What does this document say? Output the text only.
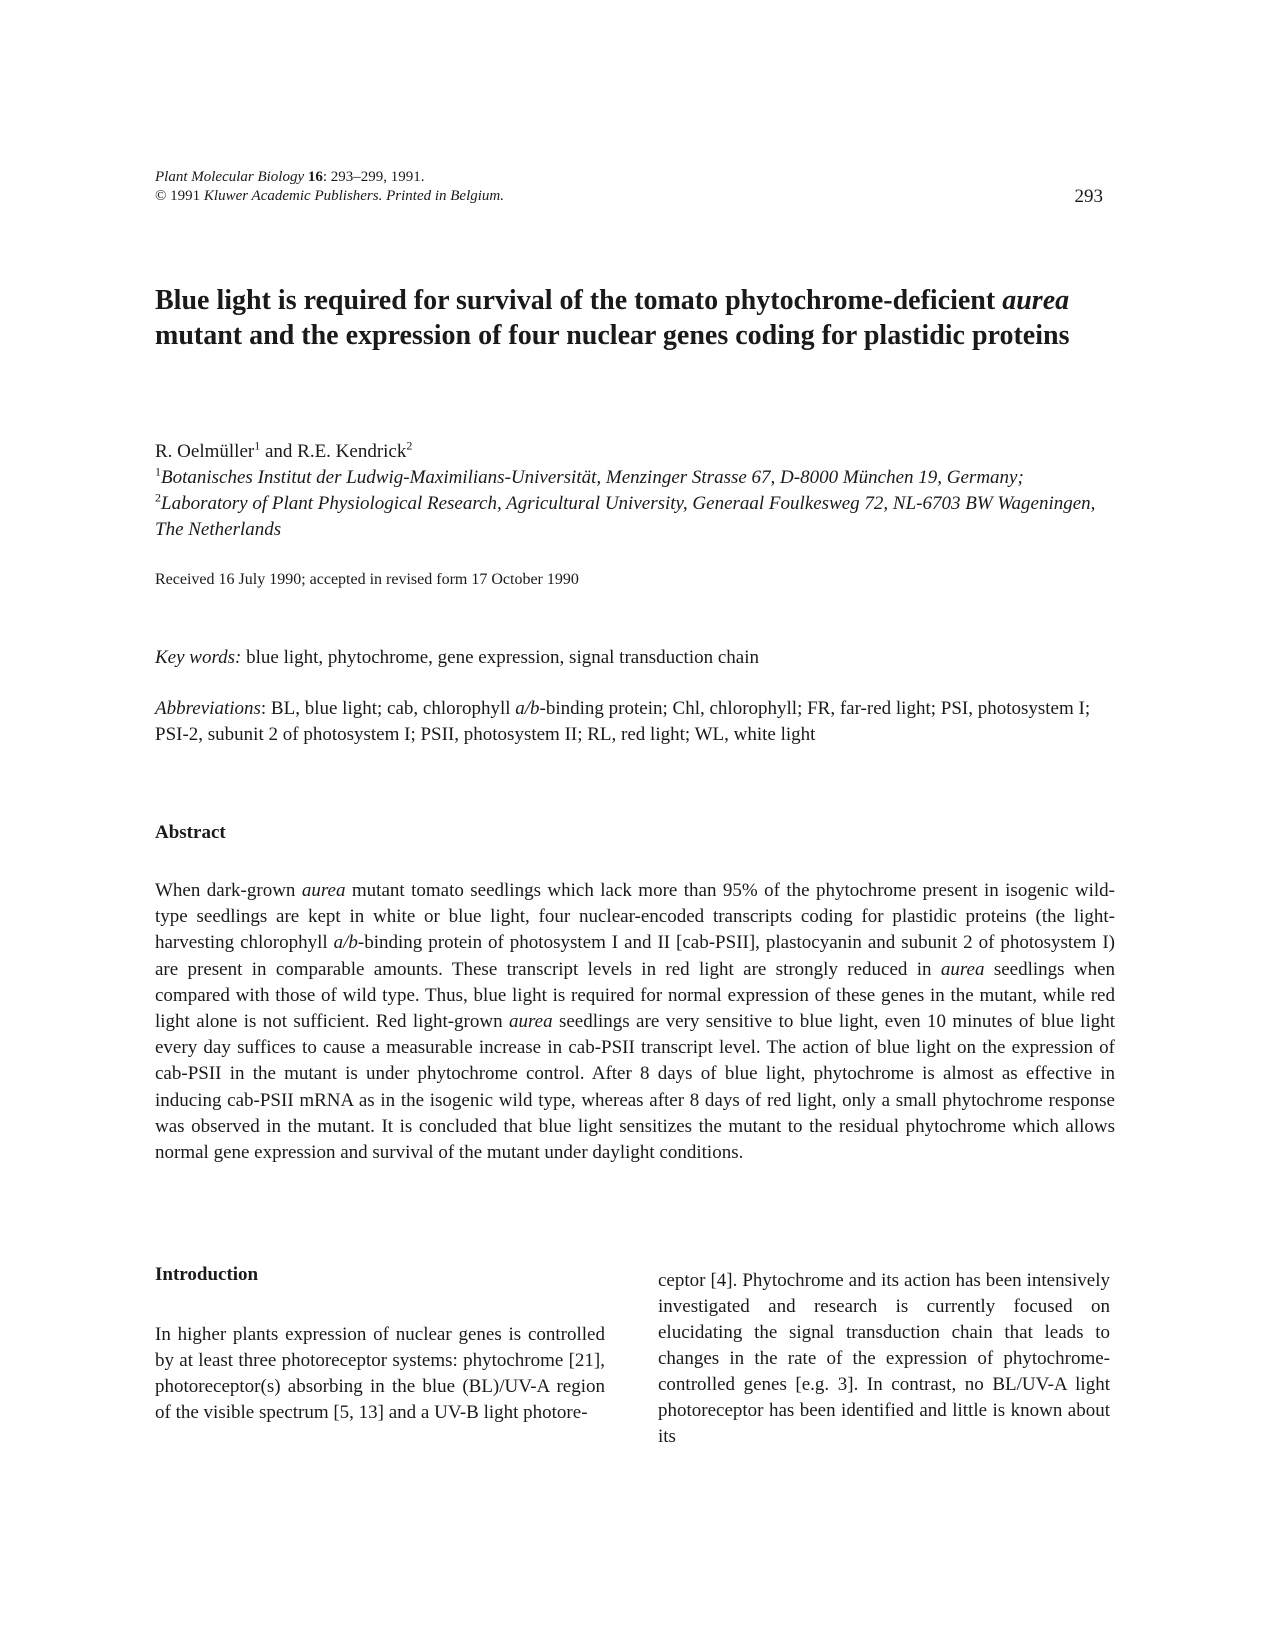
Plant Molecular Biology 16: 293–299, 1991.
© 1991 Kluwer Academic Publishers. Printed in Belgium.	293
Blue light is required for survival of the tomato phytochrome-deficient aurea mutant and the expression of four nuclear genes coding for plastidic proteins
R. Oelmüller$^1$ and R.E. Kendrick$^2$
$^1$Botanisches Institut der Ludwig-Maximilians-Universität, Menzinger Strasse 67, D-8000 München 19, Germany; $^2$Laboratory of Plant Physiological Research, Agricultural University, Generaal Foulkesweg 72, NL-6703 BW Wageningen, The Netherlands
Received 16 July 1990; accepted in revised form 17 October 1990
Key words: blue light, phytochrome, gene expression, signal transduction chain
Abbreviations: BL, blue light; cab, chlorophyll a/b-binding protein; Chl, chlorophyll; FR, far-red light; PSI, photosystem I; PSI-2, subunit 2 of photosystem I; PSII, photosystem II; RL, red light; WL, white light
Abstract

When dark-grown aurea mutant tomato seedlings which lack more than 95% of the phytochrome present in isogenic wild-type seedlings are kept in white or blue light, four nuclear-encoded transcripts coding for plastidic proteins (the light-harvesting chlorophyll a/b-binding protein of photosystem I and II [cab-PSII], plastocyanin and subunit 2 of photosystem I) are present in comparable amounts. These transcript levels in red light are strongly reduced in aurea seedlings when compared with those of wild type. Thus, blue light is required for normal expression of these genes in the mutant, while red light alone is not sufficient. Red light-grown aurea seedlings are very sensitive to blue light, even 10 minutes of blue light every day suffices to cause a measurable increase in cab-PSII transcript level. The action of blue light on the expression of cab-PSII in the mutant is under phytochrome control. After 8 days of blue light, phytochrome is almost as effective in inducing cab-PSII mRNA as in the isogenic wild type, whereas after 8 days of red light, only a small phytochrome response was observed in the mutant. It is concluded that blue light sensitizes the mutant to the residual phytochrome which allows normal gene expression and survival of the mutant under daylight conditions.

Introduction

In higher plants expression of nuclear genes is controlled by at least three photoreceptor systems: phytochrome [21], photoreceptor(s) absorbing in the blue (BL)/UV-A region of the visible spectrum [5, 13] and a UV-B light photore-

ceptor [4]. Phytochrome and its action has been intensively investigated and research is currently focused on elucidating the signal transduction chain that leads to changes in the rate of the expression of phytochrome-controlled genes [e.g. 3]. In contrast, no BL/UV-A light photoreceptor has been identified and little is known about its
